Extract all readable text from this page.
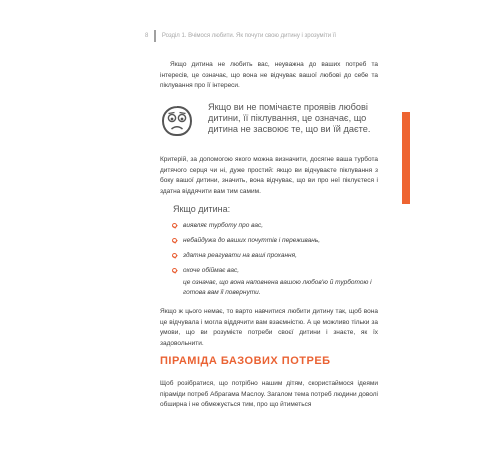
8 Розділ 1. Вчімося любити. Як почути свою дитину і зрозуміти її

Якщо дитина не любить вас, неуважна до ваших потреб та інтересів, це означає, що вона не відчуває вашої любові до себе та піклування про її інтереси.

Якщо ви не помічаєте проявів любові дитини, її піклування, це означає, що дитина не засвоює те, що ви їй даєте.

Критерій, за допомогою якого можна визначити, досягне ваша турбота дитячого серця чи ні, дуже простий: якщо ви відчуваєте піклування з боку вашої дитини, значить, вона відчуває, що ви про неї піклуєтеся і здатна віддячити вам тим самим.

Якщо дитина:
виявляє турботу про вас,
небайдужа до ваших почуттів і переживань,
здатна реагувати на ваші прохання,
охоче обіймає вас,

це означає, що вона наповнена вашою любов'ю й турботою і готова вам її повернути.

Якщо ж цього немає, то варто навчитися любити дитину так, щоб вона це відчувала і могла віддячити вам взаємністю. А це можливо тільки за умови, що ви розумієте потреби своєї дитини і знаєте, як їх задовольнити.

ПІРАМІДА БАЗОВИХ ПОТРЕБ

Щоб розібратися, що потрібно нашим дітям, скористаймося ідеями піраміди потреб Абрагама Маслоу. Загалом тема потреб людини доволі обширна і не обмежується тим, про що йтиметься
